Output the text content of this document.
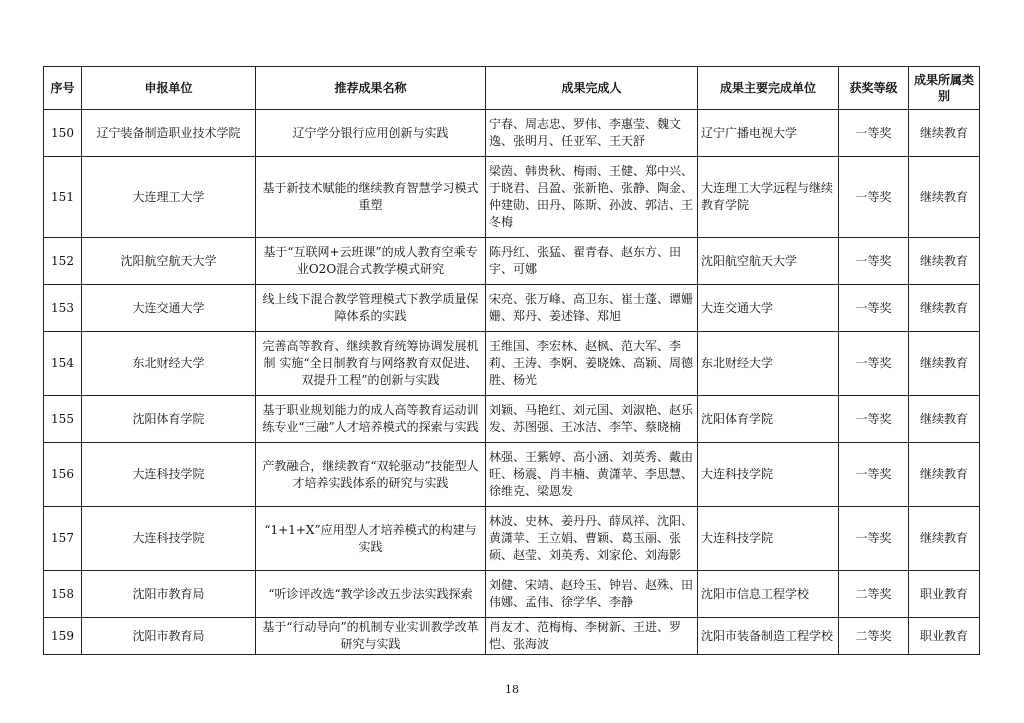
序号	申报单位	推荐成果名称	成果完成人	成果主要完成单位	获奖等级	成果所属类别
150	辽宁装备制造职业技术学院	辽宁学分银行应用创新与实践	宁春、周志忠、罗伟、李惠莹、魏文逸、张明月、任亚军、王天舒	辽宁广播电视大学	一等奖	继续教育
151	大连理工大学	基于新技术赋能的继续教育智慧学习模式重塑	梁茵、韩贵秋、梅雨、王健、郑中兴、于晓君、吕盈、张新艳、张静、陶金、仲建勋、田丹、陈斯、孙波、郭洁、王冬梅	大连理工大学远程与继续教育学院	一等奖	继续教育
152	沈阳航空航天大学	基于“互联网+云班课”的成人教育空乘专业O2O混合式教学模式研究	陈丹红、张猛、翟青春、赵东方、田宇、可娜	沈阳航空航天大学	一等奖	继续教育
153	大连交通大学	线上线下混合教学管理模式下教学质量保障体系的实践	宋亮、张万峰、高卫东、崔士蓬、谭姗姗、郑丹、姜述锋、郑旭	大连交通大学	一等奖	继续教育
154	东北财经大学	完善高等教育、继续教育统筹协调发展机制 实施“全日制教育与网络教育双促进、双提升工程”的创新与实践	王维国、李宏林、赵枫、范大军、李莉、王涛、李婀、姜晓姝、高颖、周德胜、杨光	东北财经大学	一等奖	继续教育
155	沈阳体育学院	基于职业规划能力的成人高等教育运动训练专业“三融”人才培养模式的探索与实践	刘颖、马艳红、刘元国、刘淑艳、赵乐发、苏图强、王冰洁、李竿、蔡晓楠	沈阳体育学院	一等奖	继续教育
156	大连科技学院	产教融合，继续教育“双轮驱动”技能型人才培养实践体系的研究与实践	林强、王紫婷、高小涵、刘英秀、戴由旺、杨震、肖丰楠、黄潇苹、李思慧、徐维克、梁恩发	大连科技学院	一等奖	继续教育
157	大连科技学院	“1+1+X”应用型人才培养模式的构建与实践	林波、史林、姜丹丹、薛凤祥、沈阳、黄潇苹、王立娟、曹颖、葛玉丽、张硕、赵莹、刘英秀、刘家伦、刘海影	大连科技学院	一等奖	继续教育
158	沈阳市教育局	“听诊评改选“教学诊改五步法实践探索	刘健、宋靖、赵玲玉、钟岩、赵殊、田伟娜、孟伟、徐学华、李静	沈阳市信息工程学校	二等奖	职业教育
159	沈阳市教育局	基于“行动导向”的机制专业实训教学改革 研究与实践	肖友才、范梅梅、李树新、王进、罗恺、张海波	沈阳市装备制造工程学校	二等奖	职业教育
18
